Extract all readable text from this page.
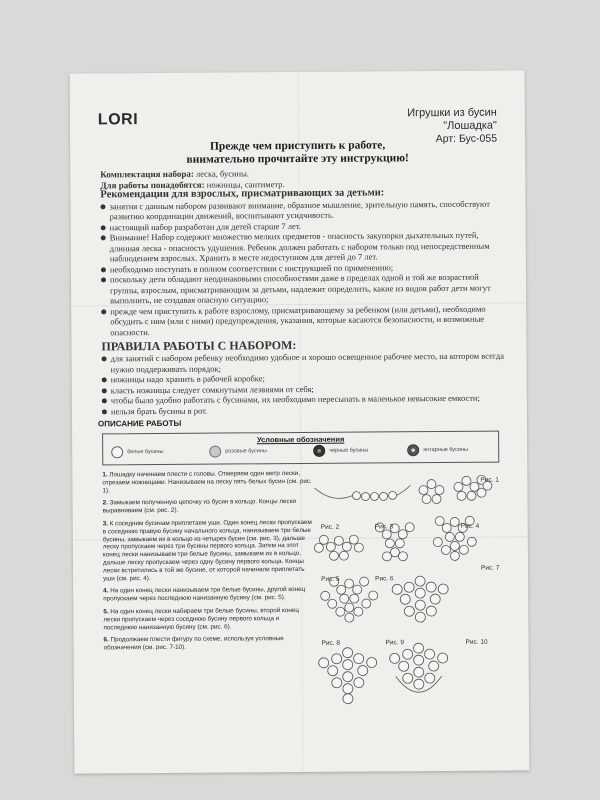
LORI	Игрушки из бусин
"Лошадка"
Арт: Бус-055
Прежде чем приступить к работе,
внимательно прочитайте эту инструкцию!
Комплектация набора: леска, бусины.
Для работы понадобятся: ножницы, сантиметр.
Рекомендации для взрослых, присматривающих за детьми:
занятия с данным набором развивают внимание, образное мышление, зрительную память, способствуют развитию координации движений, воспитывают усидчивость.
настоящий набор разработан для детей старше 7 лет.
Внимание! Набор содержит множество мелких предметов - опасность закупорки дыхательных путей, длинная леска - опасность удушения. Ребенок должен работать с набором только под непосредственным наблюдением взрослых. Хранить в месте недоступном для детей до 7 лет.
необходимо поступать в полном соответствии с инструкцией по применению;
поскольку дети обладают неодинаковыми способностями даже в пределах одной и той же возрастной группы, взрослым, присматривающим за детьми, надлежит определить, какие из видов работ дети могут выполнить, не создавая опасную ситуацию;
прежде чем приступить к работе взрослому, присматривающему за ребенком (или детьми), необходимо обсудить с ним (или с ними) предупреждения, указания, которые касаются безопасности, и возможные опасности.
ПРАВИЛА РАБОТЫ С НАБОРОМ:
для занятий с набором ребенку необходимо удобное и хорошо освещенное рабочее место, на котором всегда нужно поддерживать порядок;
ножницы надо хранить в рабочей коробке;
класть ножницы следует сомкнутыми лезвиями от себя;
чтобы было удобно работать с бусинами, их необходимо пересыпать в маленькое невысокие емкости;
нельзя брать бусины в рот.
ОПИСАНИЕ РАБОТЫ
Условные обозначения
белые бусины	розовые бусины	черные бусины	янтарные бусины

1. Лошадку начинаем плести с головы. Отмеряем один метр лески, отрезаем ножницами. Нанизываем на леску пять белых бусин (см. рис. 1).

2. Замыкаем полученную цепочку из бусин в кольцо. Концы лески выравниваем (см. рис. 2).

3. К соседним бусинам приплетаем уши. Один конец лески пропускаем в соседнюю правую бусину начального кольца, нанизываем три белые бусины, замыкаем их в кольцо из четырех бусин (см. рис. 3), дальше леску пропускаем через три бусины первого кольца. Затем на этот конец лески нанизываем три белые бусины, замыкаем их в кольцо, дальше леску пропускаем через одну бусину первого кольца. Концы лески встретились в той же бусине, от которой начинали приплетать уши (см. рис. 4).

4. На один конец лески нанизываем три белые бусины, другой конец пропускаем через последнюю нанизанную бусину (см. рис. 5).

5. На один конец лески набираем три белые бусины, второй конец лески пропускаем через соседнюю бусину первого кольца и последнюю нанизанную бусину (см. рис. 6).

6. Продолжаем плести фигуру по схеме, используя условные обозначения (см. рис. 7-10).

Рис. 1

Рис. 2	Рис. 3	Рис. 4

Рис. 5	Рис. 6
Рис. 7

Рис. 8	Рис. 9	Рис. 10
